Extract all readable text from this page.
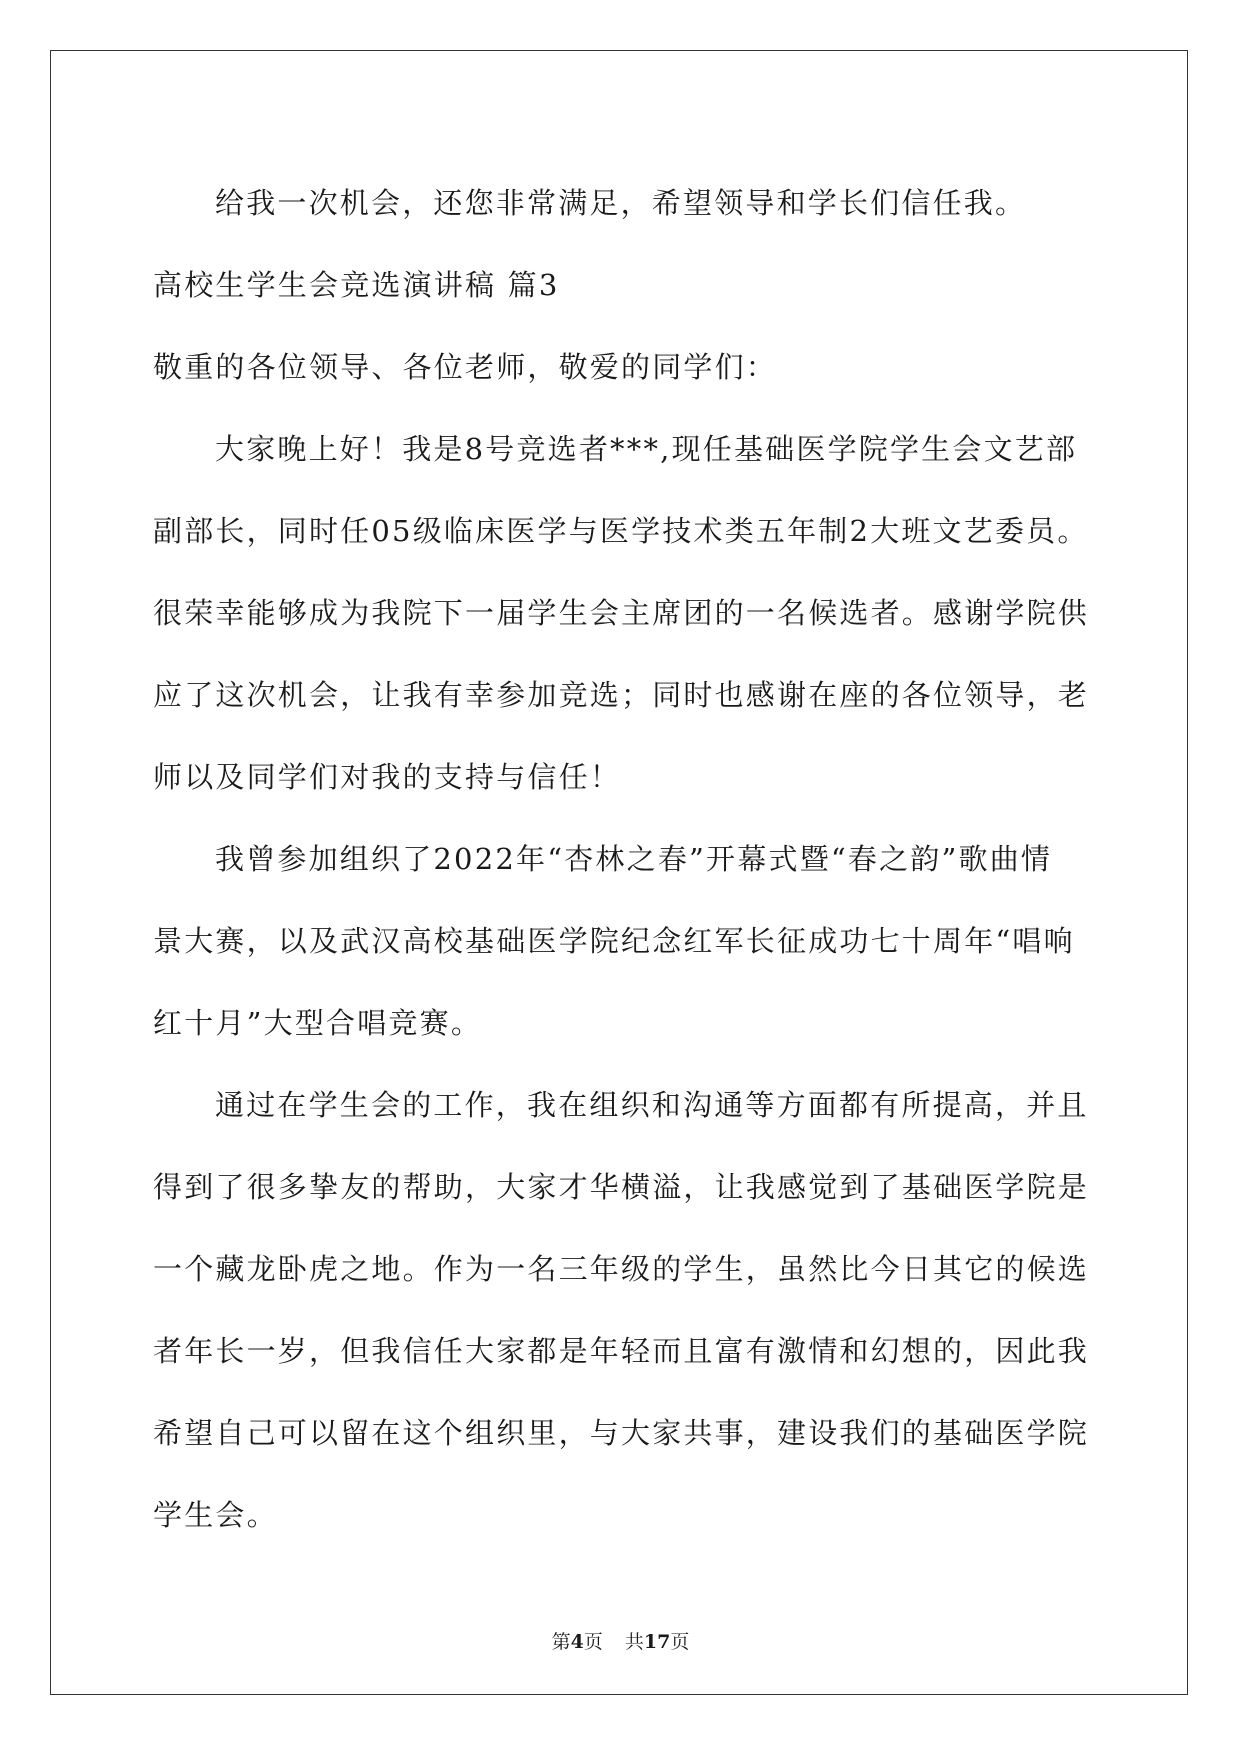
给我一次机会，还您非常满足，希望领导和学长们信任我。
高校生学生会竞选演讲稿 篇3
敬重的各位领导、各位老师，敬爱的同学们：
大家晚上好！我是8号竞选者***,现任基础医学院学生会文艺部
副部长，同时任05级临床医学与医学技术类五年制2大班文艺委员。
很荣幸能够成为我院下一届学生会主席团的一名候选者。感谢学院供
应了这次机会，让我有幸参加竞选；同时也感谢在座的各位领导，老
师以及同学们对我的支持与信任！
我曾参加组织了2022年“杏林之春”开幕式暨“春之韵”歌曲情
景大赛，以及武汉高校基础医学院纪念红军长征成功七十周年“唱响
红十月”大型合唱竞赛。
通过在学生会的工作，我在组织和沟通等方面都有所提高，并且
得到了很多挚友的帮助，大家才华横溢，让我感觉到了基础医学院是
一个藏龙卧虎之地。作为一名三年级的学生，虽然比今日其它的候选
者年长一岁，但我信任大家都是年轻而且富有激情和幻想的，因此我
希望自己可以留在这个组织里，与大家共事，建设我们的基础医学院
学生会。
第4页 共17页
